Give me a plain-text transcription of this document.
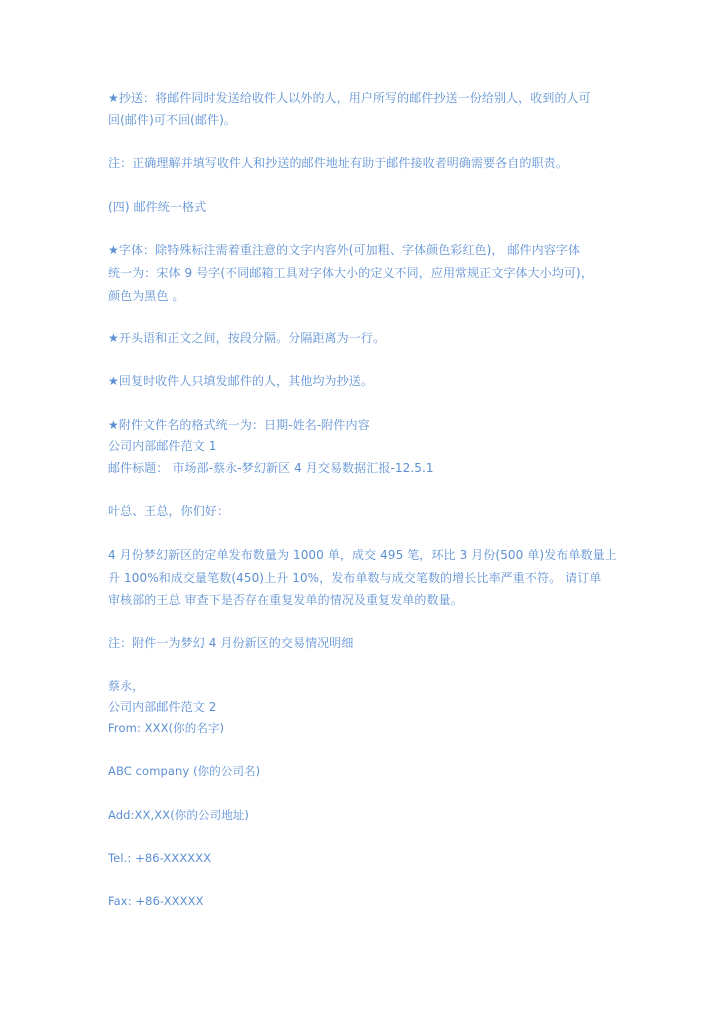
★抄送：将邮件同时发送给收件人以外的人，用户所写的邮件抄送一份给别人，收到的人可
回(邮件)可不回(邮件)。
注：正确理解并填写收件人和抄送的邮件地址有助于邮件接收者明确需要各自的职责。
(四) 邮件统一格式
★字体：除特殊标注需着重注意的文字内容外(可加粗、字体颜色彩红色)， 邮件内容字体
统一为：宋体 9 号字(不同邮箱工具对字体大小的定义不同，应用常规正文字体大小均可)，
颜色为黑色 。
★开头语和正文之间，按段分隔。分隔距离为一行。
★回复时收件人只填发邮件的人，其他均为抄送。
★附件文件名的格式统一为：日期-姓名-附件内容
公司内部邮件范文 1
邮件标题： 市场部-蔡永-梦幻新区 4 月交易数据汇报-12.5.1
叶总、王总，你们好：
4 月份梦幻新区的定单发布数量为 1000 单，成交 495 笔，环比 3 月份(500 单)发布单数量上
升 100%和成交量笔数(450)上升 10%，发布单数与成交笔数的增长比率严重不符。 请订单
审核部的王总 审查下是否存在重复发单的情况及重复发单的数量。
注：附件一为梦幻 4 月份新区的交易情况明细
蔡永，
公司内部邮件范文 2
From: XXX(你的名字)
ABC company (你的公司名)
Add:XX,XX(你的公司地址)
Tel.: +86-XXXXXX
Fax: +86-XXXXX
